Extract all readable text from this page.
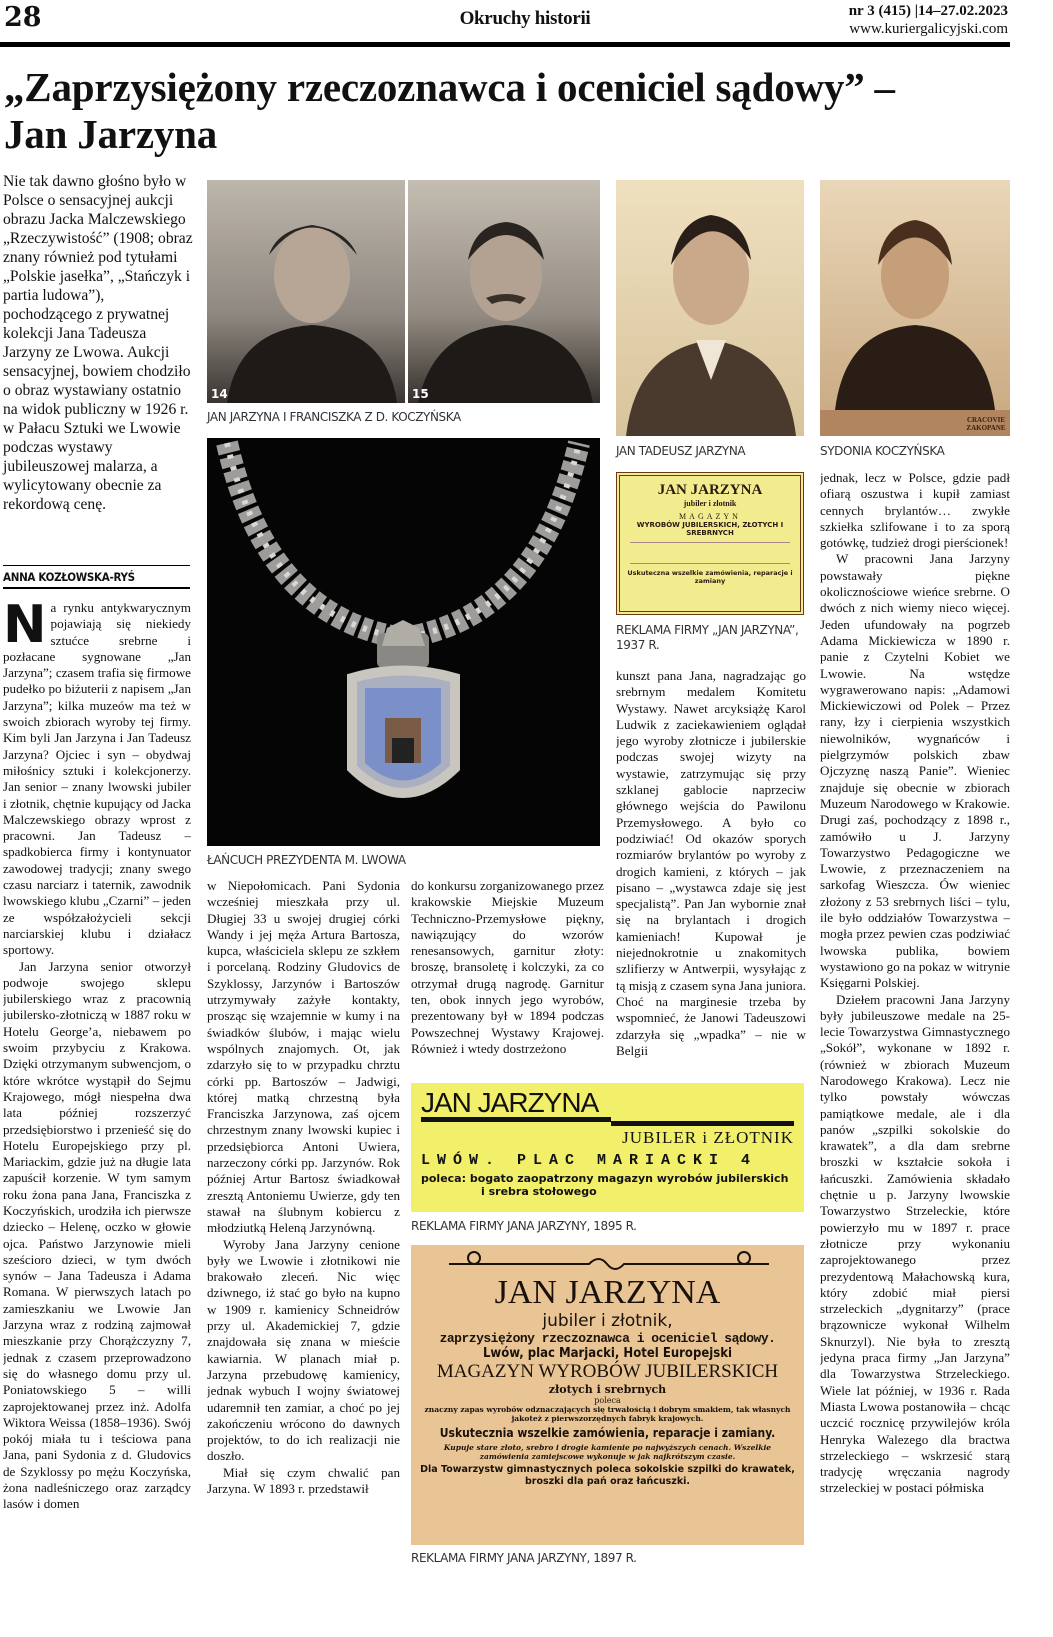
28	Okruchy historii	nr 3 (415) |14–27.02.2023
www.kuriergalicyjski.com
„Zaprzysiężony rzeczoznawca i oceniciel sądowy” –
Jan Jarzyna
Nie tak dawno głośno było w Polsce o sensacyjnej aukcji obrazu Jacka Malczewskiego „Rzeczywistość” (1908; obraz znany również pod tytułami „Polskie jasełka”, „Stańczyk i partia ludowa”), pochodzącego z prywatnej kolekcji Jana Tadeusza Jarzyny ze Lwowa. Aukcji sensacyjnej, bowiem chodziło o obraz wystawiany ostatnio na widok publiczny w 1926 r. w Pałacu Sztuki we Lwowie podczas wystawy jubileuszowej malarza, a wylicytowany obecnie za rekordową cenę.
ANNA KOZŁOWSKA-RYŚ

Na rynku antykwarycznym pojawiają się niekiedy sztućce srebrne i pozłacane sygnowane „Jan Jarzyna”; czasem trafia się firmowe pudełko po biżuterii z napisem „Jan Jarzyna”; kilka muzeów ma też w swoich zbiorach wyroby tej firmy. Kim byli Jan Jarzyna i Jan Tadeusz Jarzyna? Ojciec i syn – obydwaj miłośnicy sztuki i kolekcjonerzy. Jan senior – znany lwowski jubiler i złotnik, chętnie kupujący od Jacka Malczewskiego obrazy wprost z pracowni. Jan Tadeusz – spadkobierca firmy i kontynuator zawodowej tradycji; znany swego czasu narciarz i taternik, zawodnik lwowskiego klubu „Czarni” – jeden ze współzałożycieli sekcji narciarskiej klubu i działacz sportowy.

Jan Jarzyna senior otworzył podwoje swojego sklepu jubilerskiego wraz z pracownią jubilersko-złotniczą w 1887 roku w Hotelu George’a, niebawem po swoim przybyciu z Krakowa. Dzięki otrzymanym subwencjom, o które wkrótce wystąpił do Sejmu Krajowego, mógł niespełna dwa lata później rozszerzyć przedsiębiorstwo i przenieść się do Hotelu Europejskiego przy pl. Mariackim, gdzie już na długie lata zapuścił korzenie. W tym samym roku żona pana Jana, Franciszka z Koczyńskich, urodziła ich pierwsze dziecko – Helenę, oczko w głowie ojca. Państwo Jarzynowie mieli sześcioro dzieci, w tym dwóch synów – Jana Tadeusza i Adama Romana. W pierwszych latach po zamieszkaniu we Lwowie Jan Jarzyna wraz z rodziną zajmował mieszkanie przy Chorążczyzny 7, jednak z czasem przeprowadzono się do własnego domu przy ul. Poniatowskiego 5 – willi zaprojektowanej przez inż. Adolfa Wiktora Weissa (1858–1936). Swój pokój miała tu i teściowa pana Jana, pani Sydonia z d. Gludovics de Szyklossy po mężu Koczyńska, żona nadleśniczego oraz zarządcy lasów i domen

14	15
JAN JARZYNA I FRANCISZKA Z D. KOCZYŃSKA
ŁAŃCUCH PREZYDENTA M. LWOWA

w Niepołomicach. Pani Sydonia wcześniej mieszkała przy ul. Długiej 33 u swojej drugiej córki Wandy i jej męża Artura Bartosza, kupca, właściciela sklepu ze szkłem i porcelaną. Rodziny Gludovics de Szyklossy, Jarzynów i Bartoszów utrzymywały zażyłe kontakty, prosząc się wzajemnie w kumy i na świadków ślubów, i mając wielu wspólnych znajomych. Ot, jak zdarzyło się to w przypadku chrztu córki pp. Bartoszów – Jadwigi, której matką chrzestną była Franciszka Jarzynowa, zaś ojcem chrzestnym znany lwowski kupiec i przedsiębiorca Antoni Uwiera, narzeczony córki pp. Jarzynów. Rok później Artur Bartosz świadkował zresztą Antoniemu Uwierze, gdy ten stawał na ślubnym kobiercu z młodziutką Heleną Jarzynówną.

Wyroby Jana Jarzyny cenione były we Lwowie i złotnikowi nie brakowało zleceń. Nic więc dziwnego, iż stać go było na kupno w 1909 r. kamienicy Schneidrów przy ul. Akademickiej 7, gdzie znajdowała się znana w mieście kawiarnia. W planach miał p. Jarzyna przebudowę kamienicy, jednak wybuch I wojny światowej udaremnił ten zamiar, a choć po jej zakończeniu wrócono do dawnych projektów, to do ich realizacji nie doszło.

Miał się czym chwalić pan Jarzyna. W 1893 r. przedstawił

do konkursu zorganizowanego przez krakowskie Miejskie Muzeum Techniczno-Przemysłowe piękny, nawiązujący do wzorów renesansowych, garnitur złoty: broszę, bransoletę i kolczyki, za co otrzymał drugą nagrodę. Garnitur ten, obok innych jego wyrobów, prezentowany był w 1894 podczas Powszechnej Wystawy Krajowej. Również i wtedy dostrzeżono

JAN TADEUSZ JARZYNA
JAN JARZYNA
jubiler i złotnik
MAGAZYN
WYROBÓW JUBILERSKICH, ZŁOTYCH I SREBRNYCH
Uskuteczna wszelkie zamówienia, reparacje i zamiany
REKLAMA FIRMY „JAN JARZYNA”, 1937 R.

kunszt pana Jana, nagradzając go srebrnym medalem Komitetu Wystawy. Nawet arcyksiążę Karol Ludwik z zaciekawieniem oglądał jego wyroby złotnicze i jubilerskie podczas swojej wizyty na wystawie, zatrzymując się przy szklanej gablocie naprzeciw głównego wejścia do Pawilonu Przemysłowego. A było co podziwiać! Od okazów sporych rozmiarów brylantów po wyroby z drogich kamieni, z których – jak pisano – „wystawca zdaje się jest specjalistą”. Pan Jan wybornie znał się na brylantach i drogich kamieniach! Kupował je niejednokrotnie u znakomitych szlifierzy w Antwerpii, wysyłając z tą misją z czasem syna Jana juniora. Choć na marginesie trzeba by wspomnieć, że Janowi Tadeuszowi zdarzyła się „wpadka” – nie w Belgii

CRACOVIE ZAKOPANE
SYDONIA KOCZYŃSKA

jednak, lecz w Polsce, gdzie padł ofiarą oszustwa i kupił zamiast cennych brylantów… zwykłe szkiełka szlifowane i to za sporą gotówkę, tudzież drogi pierścionek!

W pracowni Jana Jarzyny powstawały piękne okolicznościowe wieńce srebrne. O dwóch z nich wiemy nieco więcej. Jeden ufundowały na pogrzeb Adama Mickiewicza w 1890 r. panie z Czytelni Kobiet we Lwowie. Na wstędze wygrawerowano napis: „Adamowi Mickiewiczowi od Polek – Przez rany, łzy i cierpienia wszystkich niewolników, wygnańców i pielgrzymów polskich zbaw Ojczyznę naszą Panie”. Wieniec znajduje się obecnie w zbiorach Muzeum Narodowego w Krakowie. Drugi zaś, pochodzący z 1898 r., zamówiło u J. Jarzyny Towarzystwo Pedagogiczne we Lwowie, z przeznaczeniem na sarkofag Wieszcza. Ów wieniec złożony z 53 srebrnych liści – tylu, ile było oddziałów Towarzystwa – mogła przez pewien czas podziwiać lwowska publika, bowiem wystawiono go na pokaz w witrynie Księgarni Polskiej.

Dziełem pracowni Jana Jarzyny były jubileuszowe medale na 25-lecie Towarzystwa Gimnastycznego „Sokół”, wykonane w 1892 r. (również w zbiorach Muzeum Narodowego Krakowa). Lecz nie tylko powstały wówczas pamiątkowe medale, ale i dla panów „szpilki sokolskie do krawatek”, a dla dam srebrne broszki w kształcie sokoła i łańcuszki. Zamówienia składało chętnie u p. Jarzyny lwowskie Towarzystwo Strzeleckie, które powierzyło mu w 1897 r. prace złotnicze przy wykonaniu zaprojektowanego przez prezydentową Małachowską kura, który zdobić miał piersi strzeleckich „dygnitarzy” (prace brązownicze wykonał Wilhelm Sknurzyl). Nie była to zresztą jedyna praca firmy „Jan Jarzyna” dla Towarzystwa Strzeleckiego. Wiele lat później, w 1936 r. Rada Miasta Lwowa postanowiła – chcąc uczcić rocznicę przywilejów króla Henryka Walezego dla bractwa strzeleckiego – wskrzesić starą tradycję wręczania nagrody strzeleckiej w postaci półmiska

JAN JARZYNA
JUBILER i ZŁOTNIK
LWÓW. PLAC MARIACKI 4
poleca: bogato zaopatrzony magazyn wyrobów jubilerskich
i srebra stołowego
REKLAMA FIRMY JANA JARZYNY, 1895 R.
JAN JARZYNA
jubiler i złotnik,
zaprzysiężony rzeczoznawca i oceniciel sądowy.
Lwów, plac Marjacki, Hotel Europejski
MAGAZYN WYROBÓW JUBILERSKICH
złotych i srebrnych
poleca
znaczny zapas wyrobów odznaczających się trwałością i dobrym smakiem, tak własnych jakoteż z pierwszorzędnych fabryk krajowych.
Uskutecznia wszelkie zamówienia, reparacje i zamiany.
Kupuje stare złoto, srebro i drogie kamienie po najwyższych cenach. Wszelkie zamówienia zamiejscowe wykonuje w jak najkrótszym czasie.
Dla Towarzystw gimnastycznych poleca sokolskie szpilki do krawatek, broszki dla pań oraz łańcuszki.
REKLAMA FIRMY JANA JARZYNY, 1897 R.
